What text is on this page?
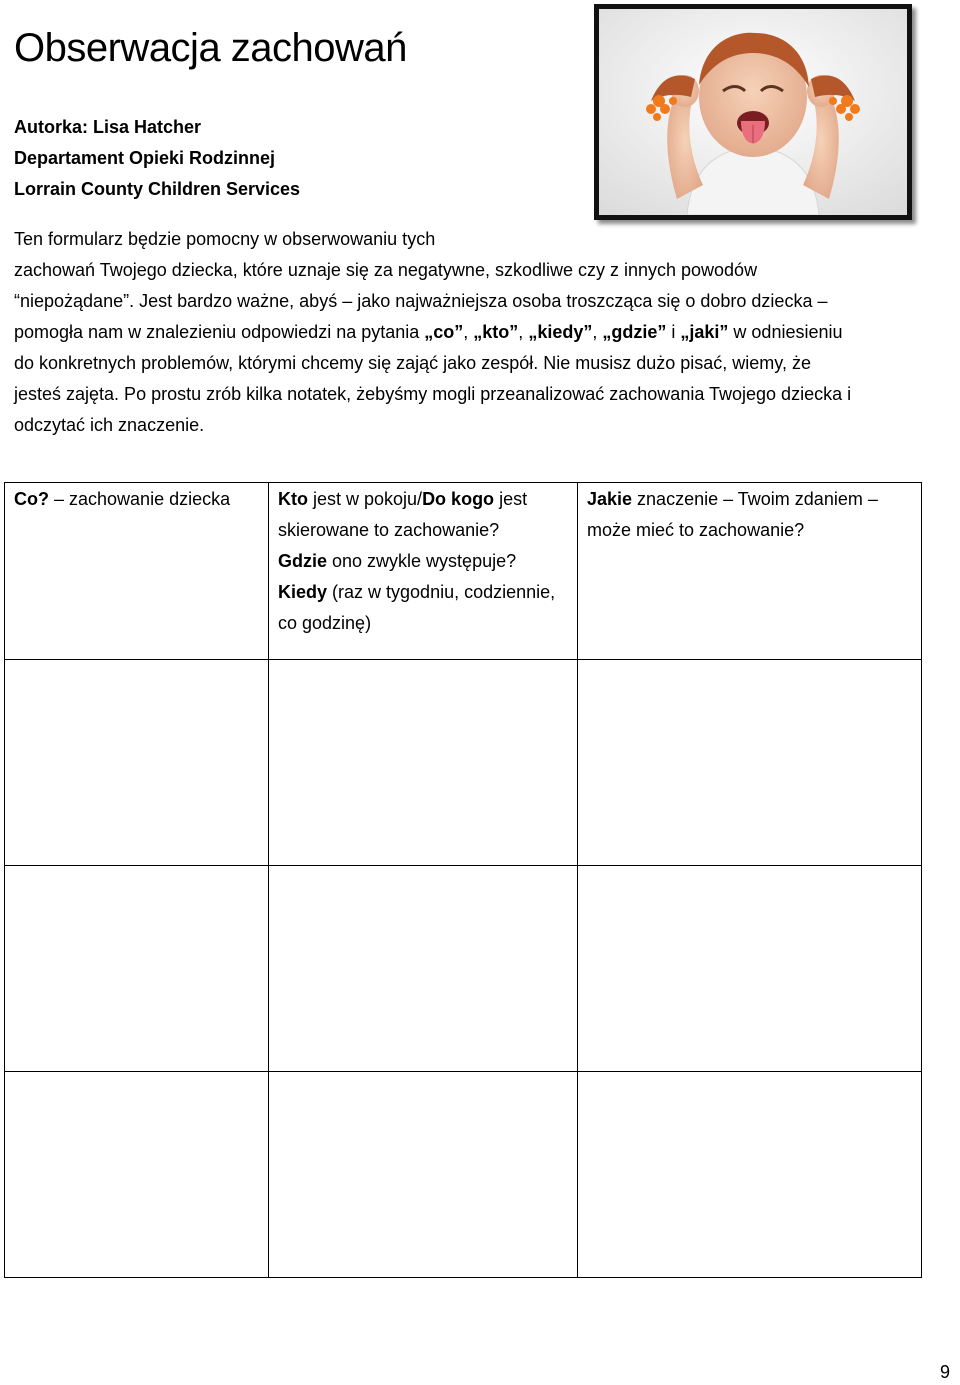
Obserwacja zachowań
Autorka: Lisa Hatcher
Departament Opieki Rodzinnej
Lorrain County Children Services
Ten formularz będzie pomocny w obserwowaniu tych
zachowań Twojego dziecka, które uznaje się za negatywne, szkodliwe czy z innych powodów
“niepożądane”. Jest bardzo ważne, abyś – jako najważniejsza osoba troszcząca się o dobro dziecka –
pomogła nam w znalezieniu odpowiedzi na pytania „co”, „kto”, „kiedy”, „gdzie” i „jaki” w odniesieniu
do konkretnych problemów, którymi chcemy się zająć jako zespół. Nie musisz dużo pisać, wiemy, że
jesteś zajęta. Po prostu zrób kilka notatek, żebyśmy mogli przeanalizować zachowania Twojego dziecka i
odczytać ich znaczenie.
Co? – zachowanie dziecka	Kto jest w pokoju/Do kogo jest skierowane to zachowanie?
Gdzie ono zwykle występuje?
Kiedy (raz w tygodniu, codziennie, co godzinę)	Jakie znaczenie – Twoim zdaniem – może mieć to zachowanie?

9
